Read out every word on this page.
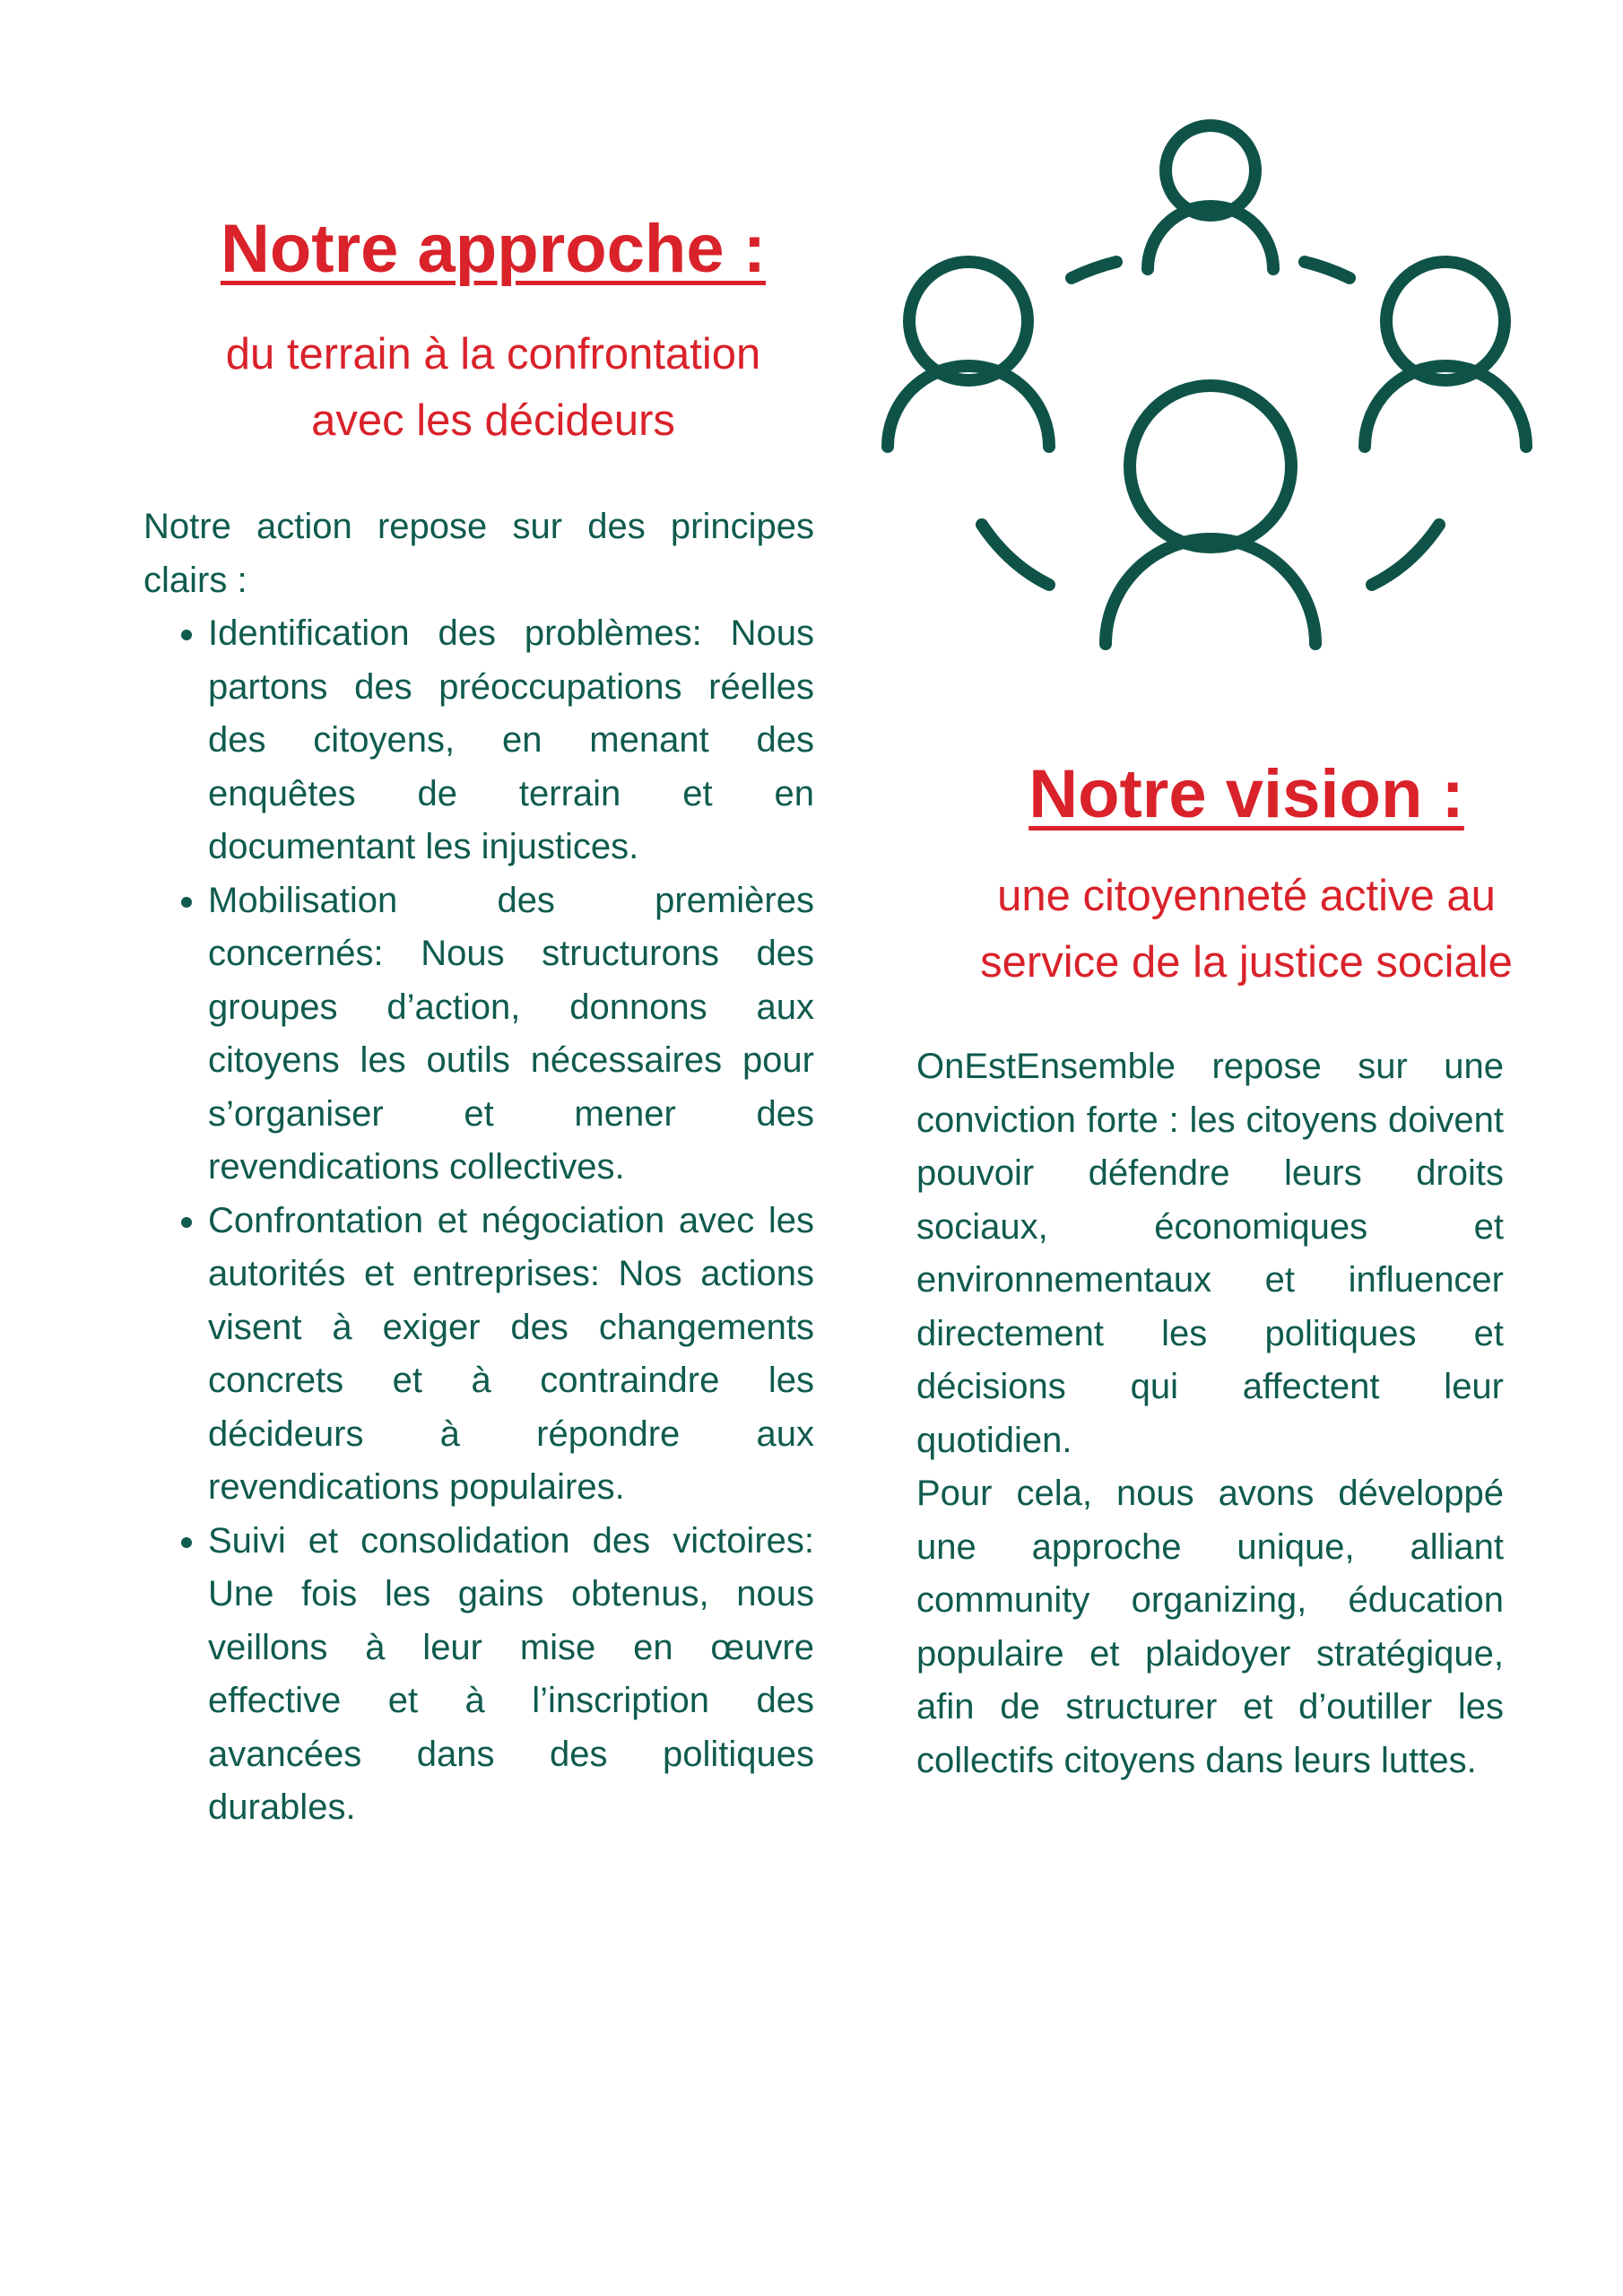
Notre approche :
du terrain à la confrontation
avec les décideurs

Notre action repose sur des principes clairs :

• Identification des problèmes: Nous partons des préoccupations réelles des citoyens, en menant des enquêtes de terrain et en documentant les injustices.
• Mobilisation des premières concernés: Nous structurons des groupes d’action, donnons aux citoyens les outils nécessaires pour s’organiser et mener des revendications collectives.
• Confrontation et négociation avec les autorités et entreprises: Nos actions visent à exiger des changements concrets et à contraindre les décideurs à répondre aux revendications populaires.
• Suivi et consolidation des victoires: Une fois les gains obtenus, nous veillons à leur mise en œuvre effective et à l’inscription des avancées dans des politiques durables.
Notre vision :
une citoyenneté active au
service de la justice sociale

OnEstEnsemble repose sur une conviction forte : les citoyens doivent pouvoir défendre leurs droits sociaux, économiques et environnementaux et influencer directement les politiques et décisions qui affectent leur quotidien.

Pour cela, nous avons développé une approche unique, alliant community organizing, éducation populaire et plaidoyer stratégique, afin de structurer et d’outiller les collectifs citoyens dans leurs luttes.
